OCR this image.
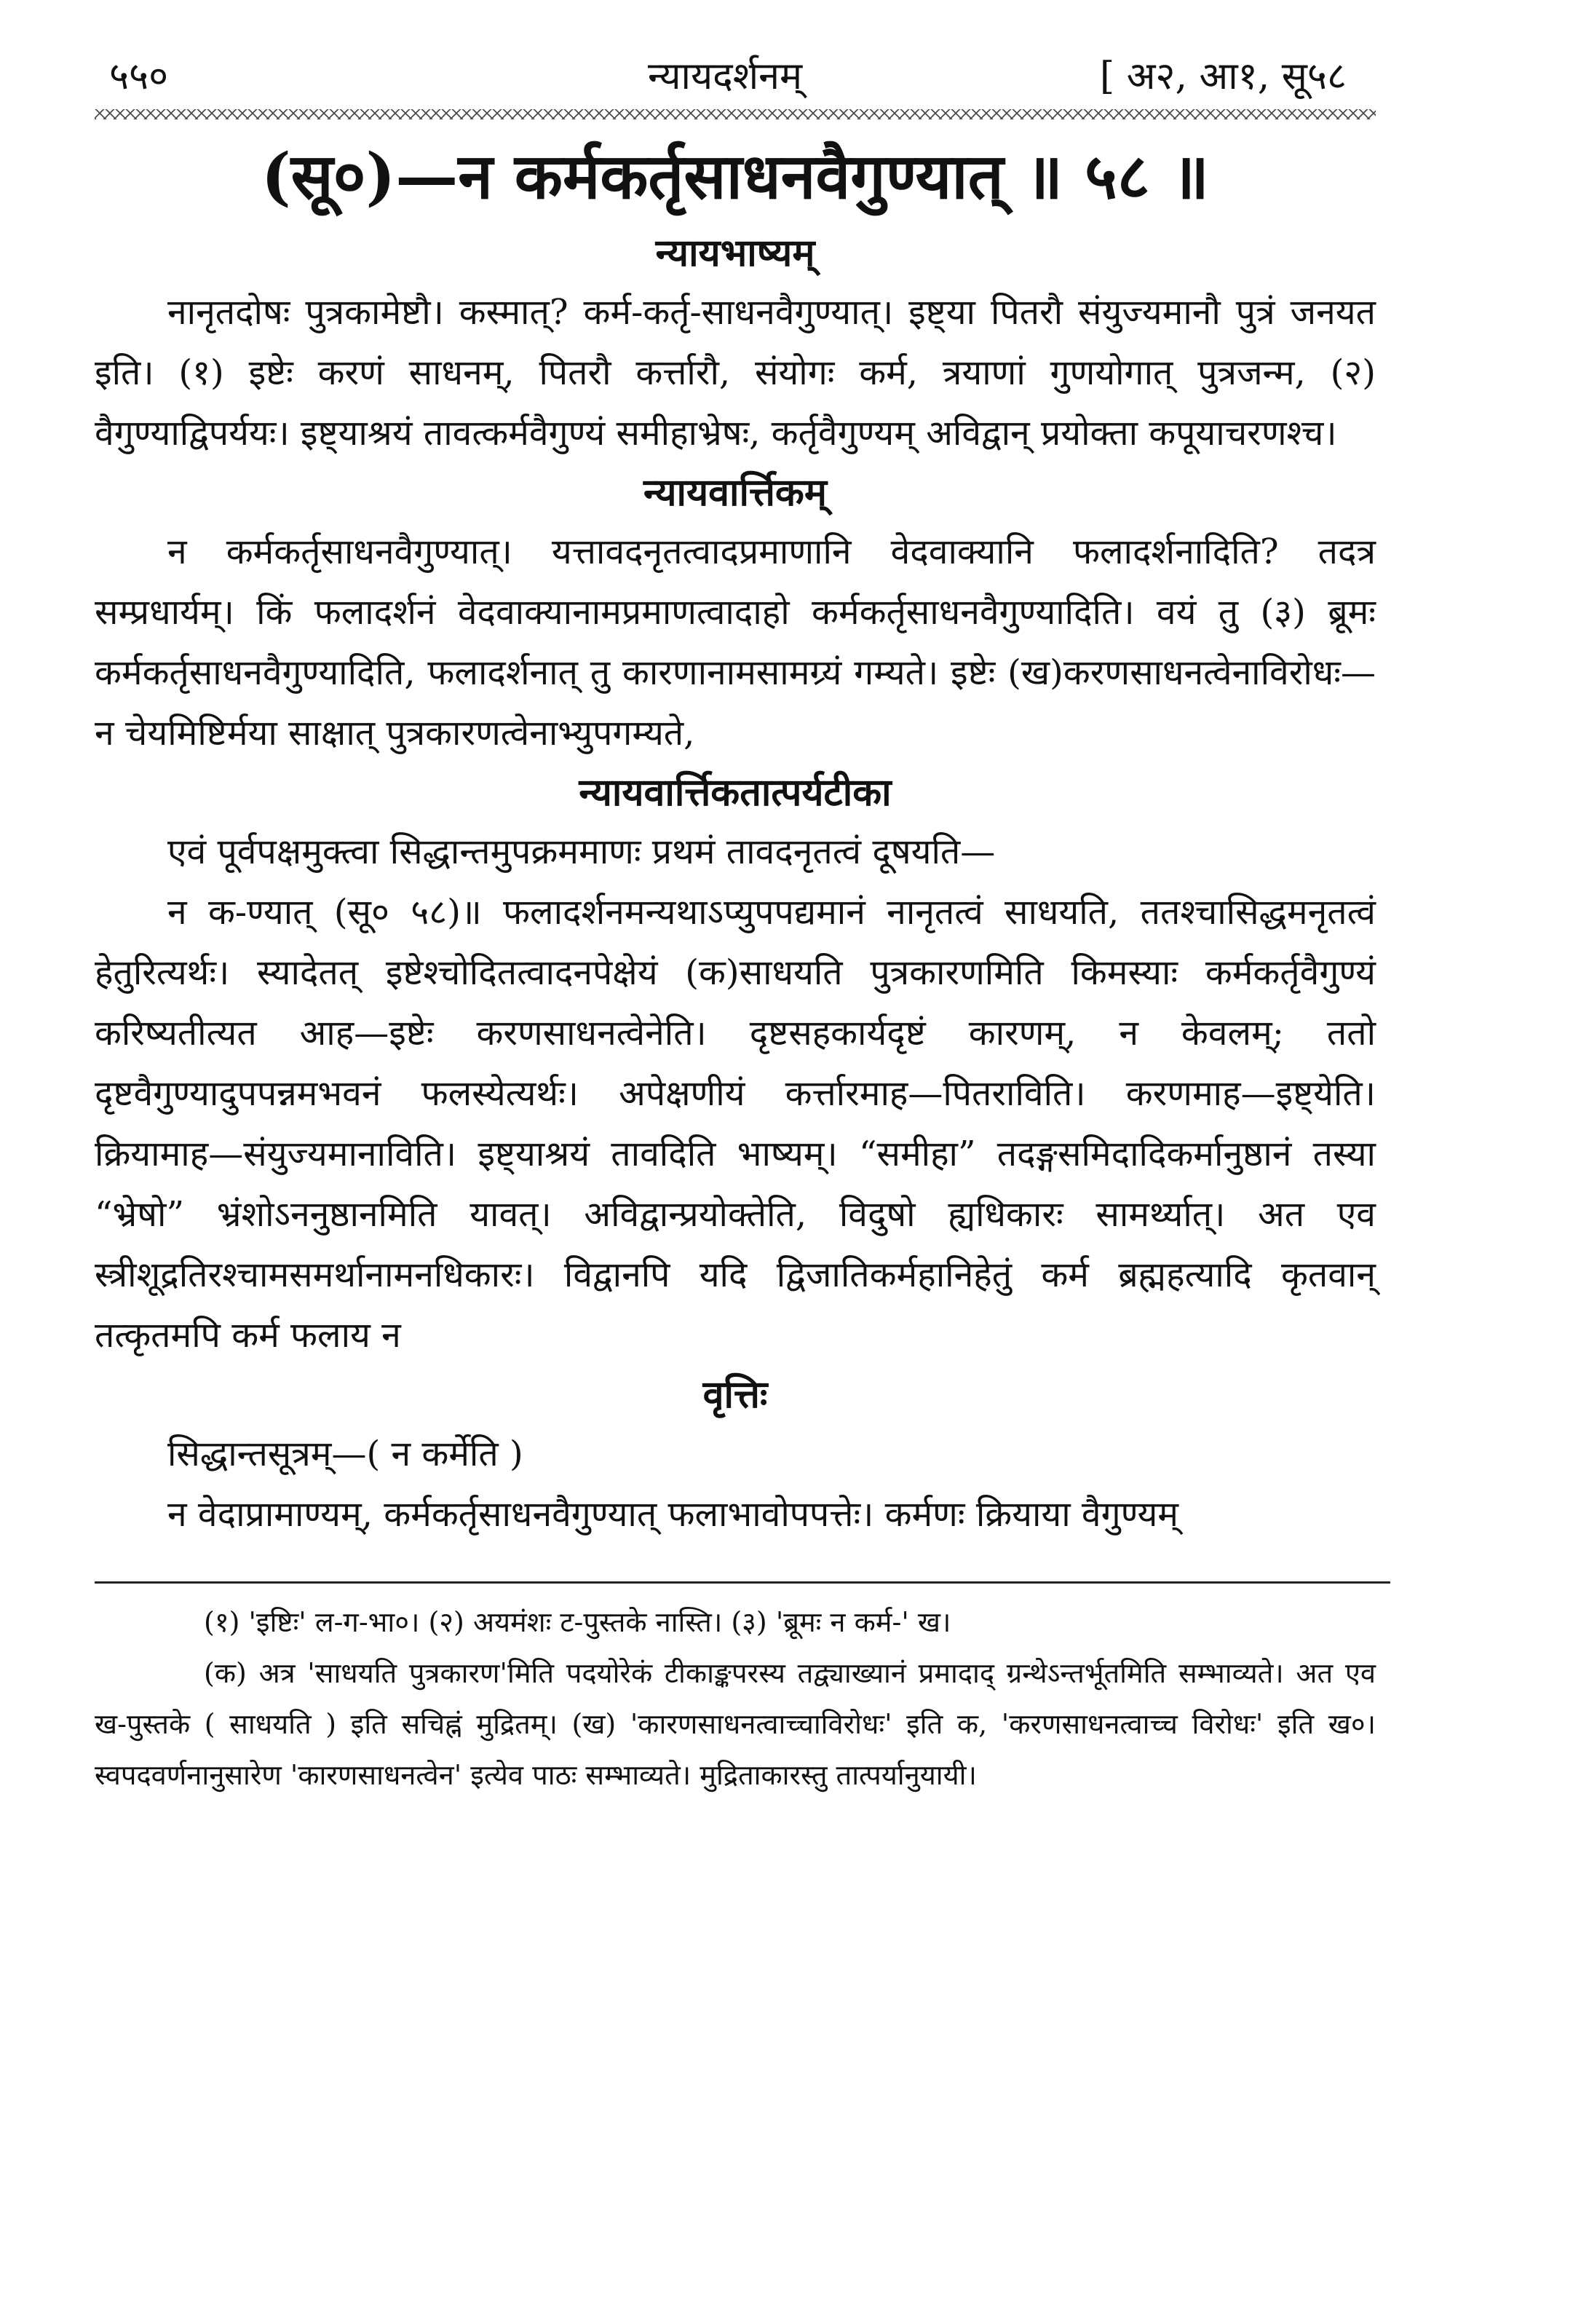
५५०	न्यायदर्शनम्	[ अ२, आ१, सू५८
(सू०)—न कर्मकर्तृसाधनवैगुण्यात् ॥ ५८ ॥
न्यायभाष्यम्

नानृतदोषः पुत्रकामेष्टौ। कस्मात्? कर्म-कर्तृ-साधनवैगुण्यात्। इष्ट्या पितरौ संयुज्यमानौ पुत्रं जनयत इति। (१) इष्टेः करणं साधनम्, पितरौ कर्त्तारौ, संयोगः कर्म, त्रयाणां गुणयोगात् पुत्रजन्म, (२) वैगुण्याद्विपर्ययः। इष्ट्याश्रयं तावत्कर्मवैगुण्यं समीहाभ्रेषः, कर्तृवैगुण्यम् अविद्वान् प्रयोक्ता कपूयाचरणश्च।

न्यायवार्त्तिकम्

न कर्मकर्तृसाधनवैगुण्यात्। यत्तावदनृतत्वादप्रमाणानि वेदवाक्यानि फलादर्शनादिति? तदत्र सम्प्रधार्यम्। किं फलादर्शनं वेदवाक्यानामप्रमाणत्वादाहो कर्मकर्तृसाधनवैगुण्यादिति। वयं तु (३) ब्रूमः कर्मकर्तृसाधनवैगुण्यादिति, फलादर्शनात् तु कारणानामसामग्र्यं गम्यते। इष्टेः (ख)करणसाधनत्वेनाविरोधः—न चेयमिष्टिर्मया साक्षात् पुत्रकारणत्वेनाभ्युपगम्यते,

न्यायवार्त्तिकतात्पर्यटीका

एवं पूर्वपक्षमुक्त्वा सिद्धान्तमुपक्रममाणः प्रथमं तावदनृतत्वं दूषयति—

न क-ण्यात् (सू० ५८)॥ फलादर्शनमन्यथाऽप्युपपद्यमानं नानृतत्वं साधयति, ततश्चासिद्धमनृतत्वं हेतुरित्यर्थः। स्यादेतत् इष्टेश्चोदितत्वादनपेक्षेयं (क)साधयति पुत्रकारणमिति किमस्याः कर्मकर्तृवैगुण्यं करिष्यतीत्यत आह—इष्टेः करणसाधनत्वेनेति। दृष्टसहकार्यदृष्टं कारणम्, न केवलम्; ततो दृष्टवैगुण्यादुपपन्नमभवनं फलस्येत्यर्थः। अपेक्षणीयं कर्त्तारमाह—पितराविति। करणमाह—इष्ट्येति। क्रियामाह—संयुज्यमानाविति। इष्ट्याश्रयं तावदिति भाष्यम्। “समीहा” तदङ्गसमिदादिकर्मानुष्ठानं तस्या “भ्रेषो” भ्रंशोऽननुष्ठानमिति यावत्। अविद्वान्प्रयोक्तेति, विदुषो ह्यधिकारः सामर्थ्यात्। अत एव स्त्रीशूद्रतिरश्चामसमर्थानामनधिकारः। विद्वानपि यदि द्विजातिकर्महानिहेतुं कर्म ब्रह्महत्यादि कृतवान् तत्कृतमपि कर्म फलाय न

वृत्तिः

सिद्धान्तसूत्रम्—( न कर्मेति )

न वेदाप्रामाण्यम्, कर्मकर्तृसाधनवैगुण्यात् फलाभावोपपत्तेः। कर्मणः क्रियाया वैगुण्यम्

(१) 'इष्टिः' ल-ग-भा०। (२) अयमंशः ट-पुस्तके नास्ति। (३) 'ब्रूमः न कर्म-' ख।

(क) अत्र 'साधयति पुत्रकारण'मिति पदयोरेकं टीकाङ्कपरस्य तद्व्याख्यानं प्रमादाद् ग्रन्थेऽन्तर्भूतमिति सम्भाव्यते। अत एव ख-पुस्तके ( साधयति ) इति सचिह्नं मुद्रितम्। (ख) 'कारणसाधनत्वाच्चाविरोधः' इति क, 'करणसाधनत्वाच्च विरोधः' इति ख०। स्वपदवर्णनानुसारेण 'कारणसाधनत्वेन' इत्येव पाठः सम्भाव्यते। मुद्रिताकारस्तु तात्पर्यानुयायी।
